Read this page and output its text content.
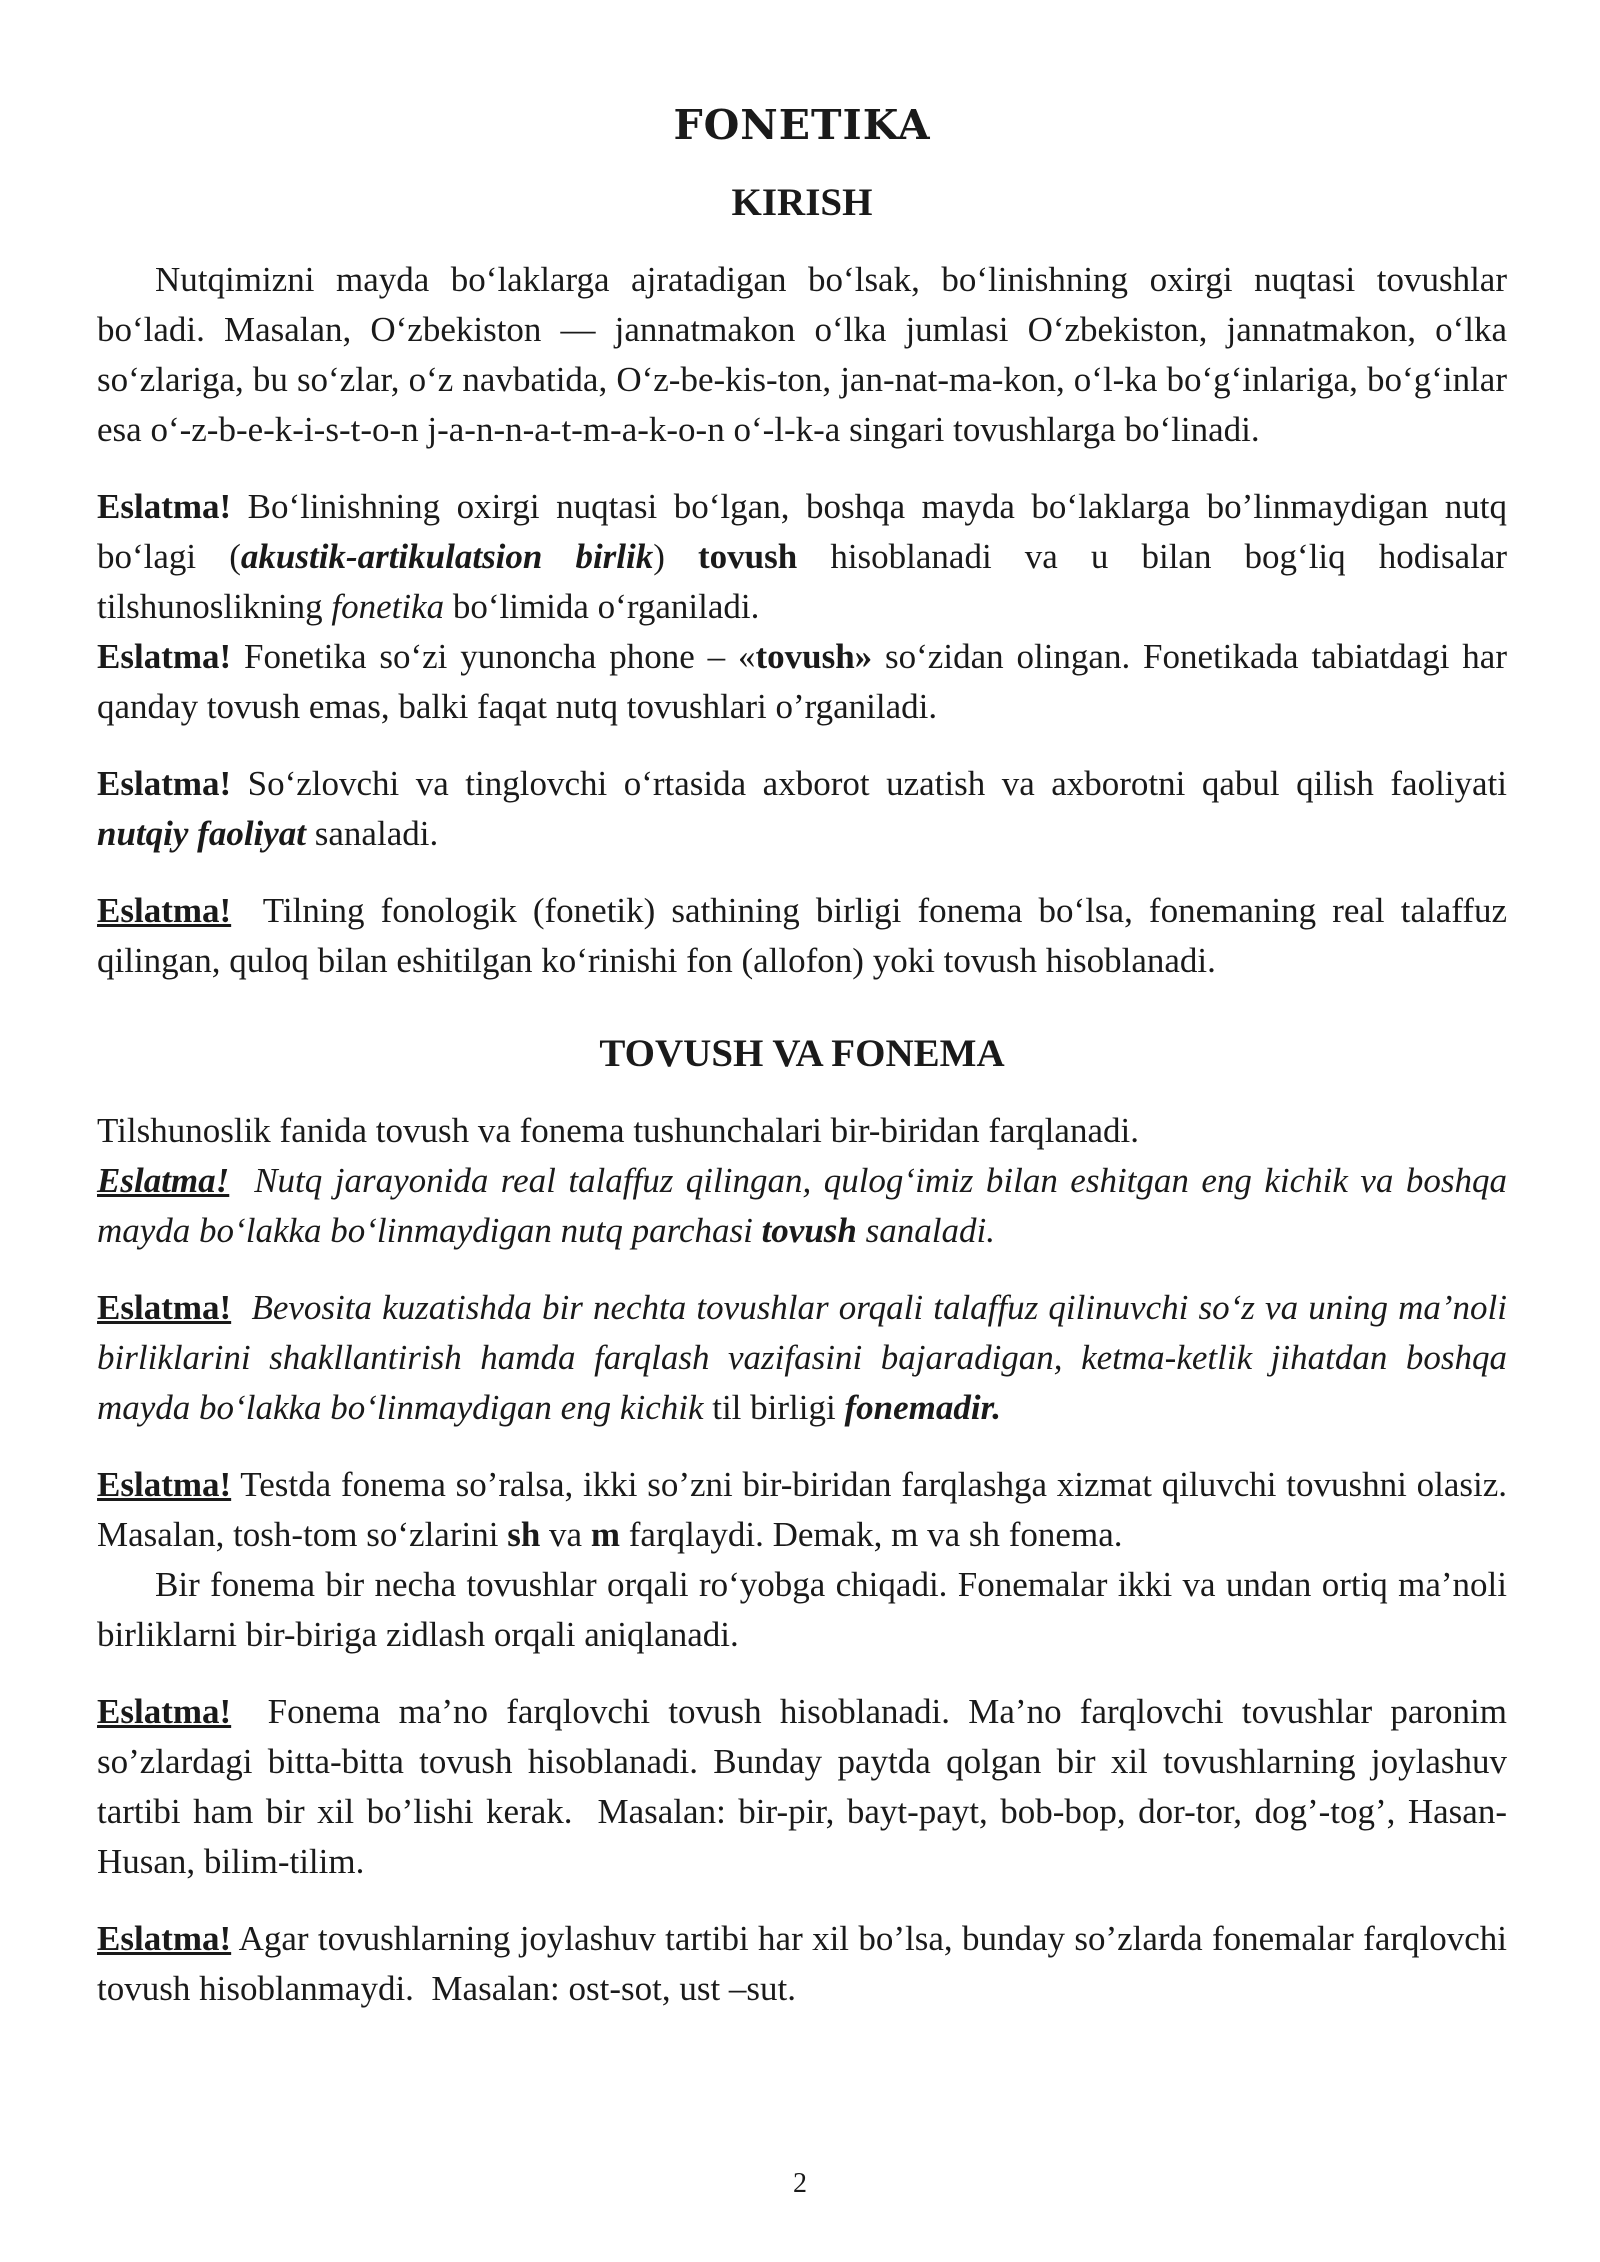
FONETIKA
KIRISH

Nutqimizni mayda bo‘laklarga ajratadigan bo‘lsak, bo‘linishning oxirgi nuqtasi tovushlar bo‘ladi. Masalan, O‘zbekiston — jannatmakon o‘lka jumlasi O‘zbekiston, jannatmakon, o‘lka so‘zlariga, bu so‘zlar, o‘z navbatida, O‘z-be-kis-ton, jan-nat-ma-kon, o‘l-ka bo‘g‘inlariga, bo‘g‘inlar esa o‘-z-b-e-k-i-s-t-o-n j-a-n-n-a-t-m-a-k-o-n o‘-l-k-a singari tovushlarga bo‘linadi.

Eslatma! Bo‘linishning oxirgi nuqtasi bo‘lgan, boshqa mayda bo‘laklarga bo’linmaydigan nutq bo‘lagi (akustik-artikulatsion birlik) tovush hisoblanadi va u bilan bog‘liq hodisalar tilshunoslikning fonetika bo‘limida o‘rganiladi.

Eslatma! Fonetika so‘zi yunoncha phone – «tovush» so‘zidan olingan. Fonetikada tabiatdagi har qanday tovush emas, balki faqat nutq tovushlari o’rganiladi.

Eslatma! So‘zlovchi va tinglovchi o‘rtasida axborot uzatish va axborotni qabul qilish faoliyati nutqiy faoliyat sanaladi.

Eslatma!  Tilning fonologik (fonetik) sathining birligi fonema bo‘lsa, fonemaning real talaffuz qilingan, quloq bilan eshitilgan ko‘rinishi fon (allofon) yoki tovush hisoblanadi.

TOVUSH VA FONEMA

Tilshunoslik fanida tovush va fonema tushunchalari bir-biridan farqlanadi.

Eslatma!  Nutq jarayonida real talaffuz qilingan, qulog‘imiz bilan eshitgan eng kichik va boshqa mayda bo‘lakka bo‘linmaydigan nutq parchasi tovush sanaladi.

Eslatma!  Bevosita kuzatishda bir nechta tovushlar orqali talaffuz qilinuvchi so‘z va uning ma’noli birliklarini shakllantirish hamda farqlash vazifasini bajaradigan, ketma-ketlik jihatdan boshqa mayda bo‘lakka bo‘linmaydigan eng kichik til birligi fonemadir.

Eslatma! Testda fonema so’ralsa, ikki so’zni bir-biridan farqlashga xizmat qiluvchi tovushni olasiz. Masalan, tosh-tom so‘zlarini sh va m farqlaydi. Demak, m va sh fonema.

Bir fonema bir necha tovushlar orqali ro‘yobga chiqadi. Fonemalar ikki va undan ortiq ma’noli birliklarni bir-biriga zidlash orqali aniqlanadi.

Eslatma!  Fonema ma’no farqlovchi tovush hisoblanadi. Ma’no farqlovchi tovushlar paronim so’zlardagi bitta-bitta tovush hisoblanadi. Bunday paytda qolgan bir xil tovushlarning joylashuv tartibi ham bir xil bo’lishi kerak.  Masalan: bir-pir, bayt-payt, bob-bop, dor-tor, dog’-tog’, Hasan-Husan, bilim-tilim.

Eslatma! Agar tovushlarning joylashuv tartibi har xil bo’lsa, bunday so’zlarda fonemalar farqlovchi tovush hisoblanmaydi.  Masalan: ost-sot, ust –sut.

2
